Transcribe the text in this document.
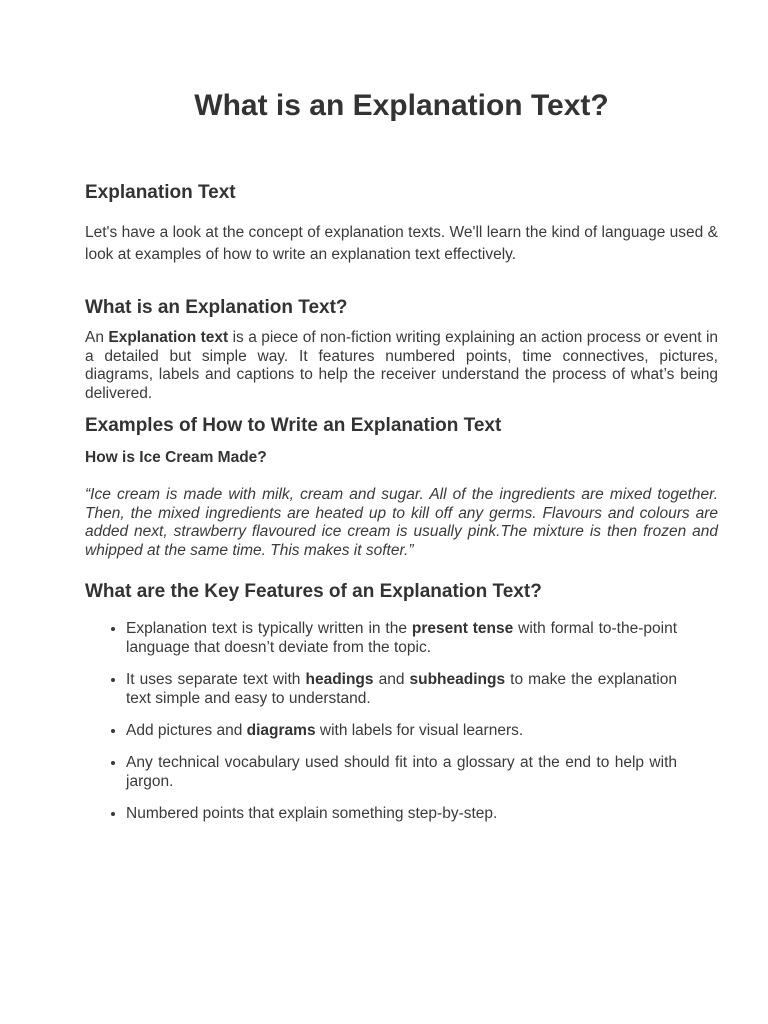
What is an Explanation Text?
Explanation Text

Let's have a look at the concept of explanation texts. We'll learn the kind of language used & look at examples of how to write an explanation text effectively.

What is an Explanation Text?

An Explanation text is a piece of non-fiction writing explaining an action process or event in a detailed but simple way. It features numbered points, time connectives, pictures, diagrams, labels and captions to help the receiver understand the process of what’s being delivered.

Examples of How to Write an Explanation Text
How is Ice Cream Made?

“Ice cream is made with milk, cream and sugar. All of the ingredients are mixed together. Then, the mixed ingredients are heated up to kill off any germs. Flavours and colours are added next, strawberry flavoured ice cream is usually pink.The mixture is then frozen and whipped at the same time. This makes it softer.”

What are the Key Features of an Explanation Text?
• Explanation text is typically written in the present tense with formal to-the-point language that doesn’t deviate from the topic.
• It uses separate text with headings and subheadings to make the explanation text simple and easy to understand.
• Add pictures and diagrams with labels for visual learners.
• Any technical vocabulary used should fit into a glossary at the end to help with jargon.
• Numbered points that explain something step-by-step.
